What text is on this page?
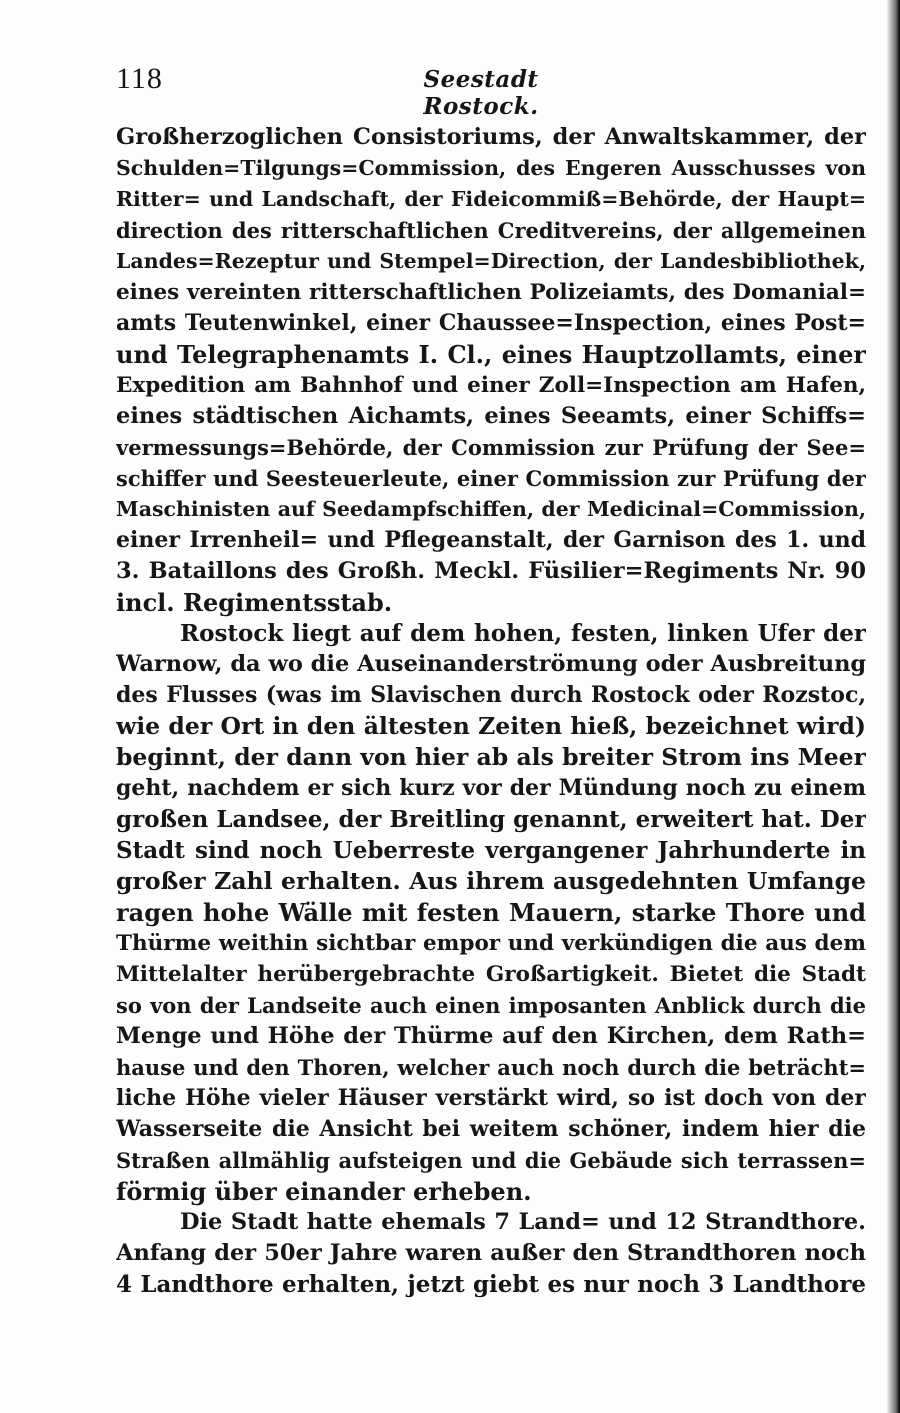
118	Seestadt Rostock.
Großherzoglichen Consistoriums, der Anwaltskammer, der
Schulden=Tilgungs=Commission, des Engeren Ausschusses von
Ritter= und Landschaft, der Fideicommiß=Behörde, der Haupt=
direction des ritterschaftlichen Creditvereins, der allgemeinen
Landes=Rezeptur und Stempel=Direction, der Landesbibliothek,
eines vereinten ritterschaftlichen Polizeiamts, des Domanial=
amts Teutenwinkel, einer Chaussee=Inspection, eines Post=
und Telegraphenamts I. Cl., eines Hauptzollamts, einer
Expedition am Bahnhof und einer Zoll=Inspection am Hafen,
eines städtischen Aichamts, eines Seeamts, einer Schiffs=
vermessungs=Behörde, der Commission zur Prüfung der See=
schiffer und Seesteuerleute, einer Commission zur Prüfung der
Maschinisten auf Seedampfschiffen, der Medicinal=Commission,
einer Irrenheil= und Pflegeanstalt, der Garnison des 1. und
3. Bataillons des Großh. Meckl. Füsilier=Regiments Nr. 90
incl. Regimentsstab.
Rostock liegt auf dem hohen, festen, linken Ufer der
Warnow, da wo die Auseinanderströmung oder Ausbreitung
des Flusses (was im Slavischen durch Rostock oder Rozstoc,
wie der Ort in den ältesten Zeiten hieß, bezeichnet wird)
beginnt, der dann von hier ab als breiter Strom ins Meer
geht, nachdem er sich kurz vor der Mündung noch zu einem
großen Landsee, der Breitling genannt, erweitert hat. Der
Stadt sind noch Ueberreste vergangener Jahrhunderte in
großer Zahl erhalten. Aus ihrem ausgedehnten Umfange
ragen hohe Wälle mit festen Mauern, starke Thore und
Thürme weithin sichtbar empor und verkündigen die aus dem
Mittelalter herübergebrachte Großartigkeit. Bietet die Stadt
so von der Landseite auch einen imposanten Anblick durch die
Menge und Höhe der Thürme auf den Kirchen, dem Rath=
hause und den Thoren, welcher auch noch durch die beträcht=
liche Höhe vieler Häuser verstärkt wird, so ist doch von der
Wasserseite die Ansicht bei weitem schöner, indem hier die
Straßen allmählig aufsteigen und die Gebäude sich terrassen=
förmig über einander erheben.
Die Stadt hatte ehemals 7 Land= und 12 Strandthore.
Anfang der 50er Jahre waren außer den Strandthoren noch
4 Landthore erhalten, jetzt giebt es nur noch 3 Landthore
